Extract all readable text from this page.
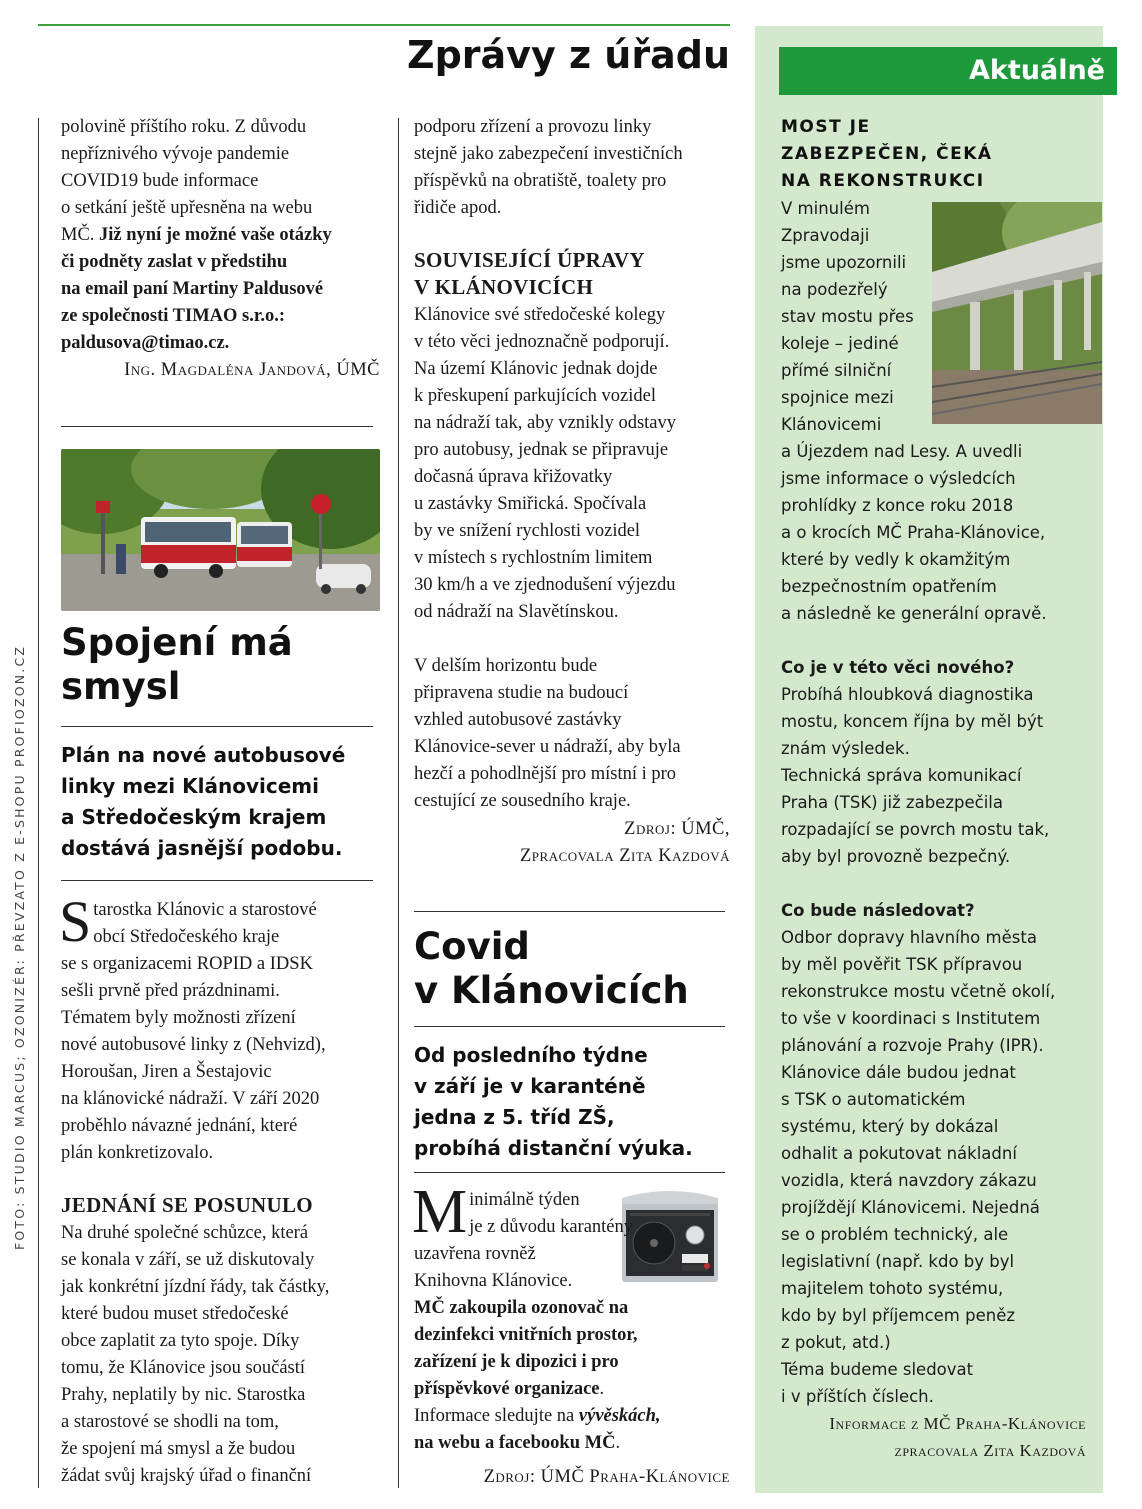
Zprávy z úřadu
FOTO: STUDIO MARCUS; OZONIZÉR: PŘEVZATO Z E-SHOPU PROFIOZON.CZ

polovině příštího roku. Z důvodu

nepříznivého vývoje pandemie

COVID19 bude informace

o setkání ještě upřesněna na webu

MČ. Již nyní je možné vaše otázky

či podněty zaslat v předstihu

na email paní Martiny Paldusové

ze společnosti TIMAO s.r.o.:

paldusova@timao.cz.

Ing. Magdaléna Jandová, ÚMČ

Spojení má
smysl
Plán na nové autobusové
linky mezi Klánovicemi
a Středočeským krajem
dostává jasnější podobu.
S tarostka Klánovic a starostové

obcí Středočeského kraje

se s organizacemi ROPID a IDSK

sešli prvně před prázdninami.

Tématem byly možnosti zřízení

nové autobusové linky z (Nehvizd),

Horoušan, Jiren a Šestajovic

na klánovické nádraží. V září 2020

proběhlo návazné jednání, které

plán konkretizovalo.

JEDNÁNÍ SE POSUNULO

Na druhé společné schůzce, která

se konala v září, se už diskutovaly

jak konkrétní jízdní řády, tak částky,

které budou muset středočeské

obce zaplatit za tyto spoje. Díky

tomu, že Klánovice jsou součástí

Prahy, neplatily by nic. Starostka

a starostové se shodli na tom,

že spojení má smysl a že budou

žádat svůj krajský úřad o finanční

podporu zřízení a provozu linky

stejně jako zabezpečení investičních

příspěvků na obratiště, toalety pro

řidiče apod.

SOUVISEJÍCÍ ÚPRAVY
V KLÁNOVICÍCH

Klánovice své středočeské kolegy

v této věci jednoznačně podporují.

Na území Klánovic jednak dojde

k přeskupení parkujících vozidel

na nádraží tak, aby vznikly odstavy

pro autobusy, jednak se připravuje

dočasná úprava křižovatky

u zastávky Smiřická. Spočívala

by ve snížení rychlosti vozidel

v místech s rychlostním limitem

30 km/h a ve zjednodušení výjezdu

od nádraží na Slavětínskou.

V delším horizontu bude

připravena studie na budoucí

vzhled autobusové zastávky

Klánovice-sever u nádraží, aby byla

hezčí a pohodlnější pro místní i pro

cestující ze sousedního kraje.

Zdroj: ÚMČ,

Zpracovala Zita Kazdová

Covid
v Klánovicích
Od posledního týdne
v září je v karanténě
jedna z 5. tříd ZŠ,
probíhá distanční výuka.
M inimálně týden

je z důvodu karantény

uzavřena rovněž

Knihovna Klánovice.

MČ zakoupila ozonovač na

dezinfekci vnitřních prostor,

zařízení je k dipozici i pro

příspěvkové organizace.

Informace sledujte na vývěskách,

na webu a facebooku MČ.

Zdroj: ÚMČ Praha-Klánovice
Aktuálně
MOST JE
ZABEZPEČEN, ČEKÁ
NA REKONSTRUKCI

V minulém

Zpravodaji

jsme upozornili

na podezřelý

stav mostu přes

koleje – jediné

přímé silniční

spojnice mezi

Klánovicemi

a Újezdem nad Lesy. A uvedli

jsme informace o výsledcích

prohlídky z konce roku 2018

a o krocích MČ Praha-Klánovice,

které by vedly k okamžitým

bezpečnostním opatřením

a následně ke generální opravě.

Co je v této věci nového?

Probíhá hloubková diagnostika

mostu, koncem října by měl být

znám výsledek.

Technická správa komunikací

Praha (TSK) již zabezpečila

rozpadající se povrch mostu tak,

aby byl provozně bezpečný.

Co bude následovat?

Odbor dopravy hlavního města

by měl pověřit TSK přípravou

rekonstrukce mostu včetně okolí,

to vše v koordinaci s Institutem

plánování a rozvoje Prahy (IPR).

Klánovice dále budou jednat

s TSK o automatickém

systému, který by dokázal

odhalit a pokutovat nákladní

vozidla, která navzdory zákazu

projíždějí Klánovicemi. Nejedná

se o problém technický, ale

legislativní (např. kdo by byl

majitelem tohoto systému,

kdo by byl příjemcem peněz

z pokut, atd.)

Téma budeme sledovat

i v příštích číslech.

Informace z MČ Praha-Klánovice

zpracovala Zita Kazdová
